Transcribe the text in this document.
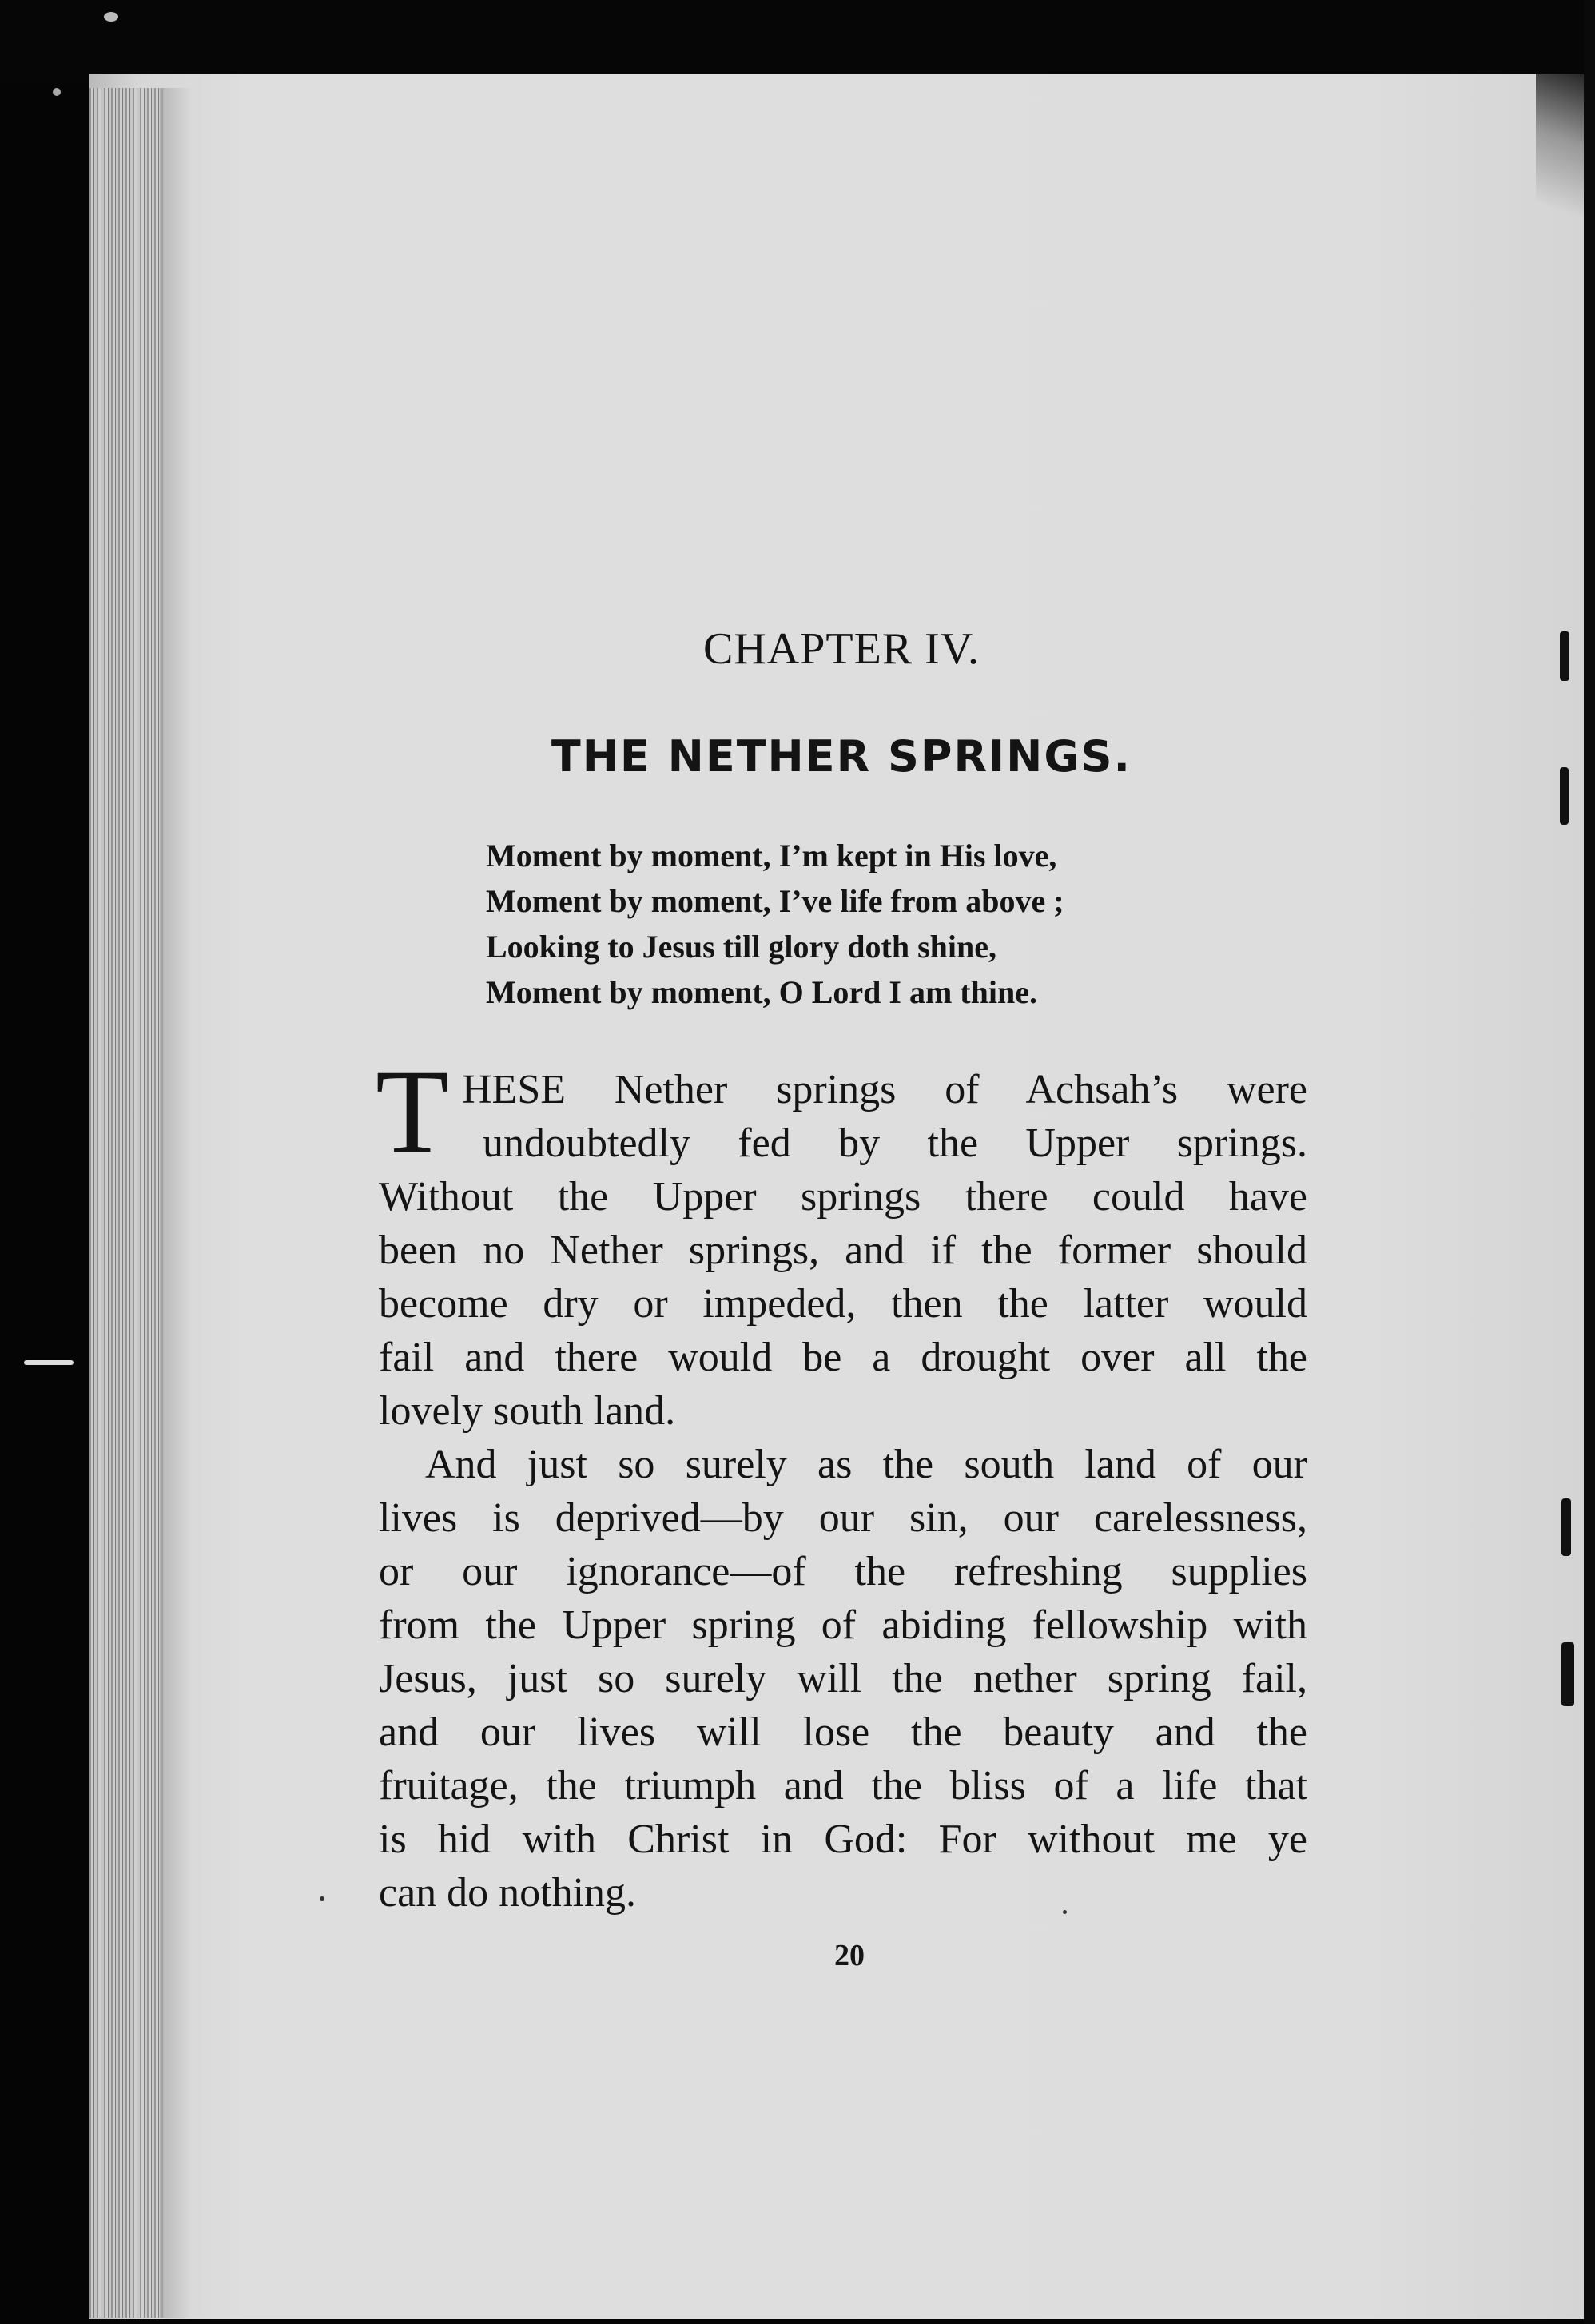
CHAPTER IV.
THE NETHER SPRINGS.
Moment by moment, I’m kept in His love,
Moment by moment, I’ve life from above ;
Looking to Jesus till glory doth shine,
Moment by moment, O Lord I am thine.
T HESE Nether springs of Achsah’s were
undoubtedly fed by the Upper springs.
Without the Upper springs there could have
been no Nether springs, and if the former should
become dry or impeded, then the latter would
fail and there would be a drought over all the
lovely south land.
And just so surely as the south land of our
lives is deprived—by our sin, our carelessness,
or our ignorance—of the refreshing supplies
from the Upper spring of abiding fellowship with
Jesus, just so surely will the nether spring fail,
and our lives will lose the beauty and the
fruitage, the triumph and the bliss of a life that
is hid with Christ in God: For without me ye
can do nothing.
20
